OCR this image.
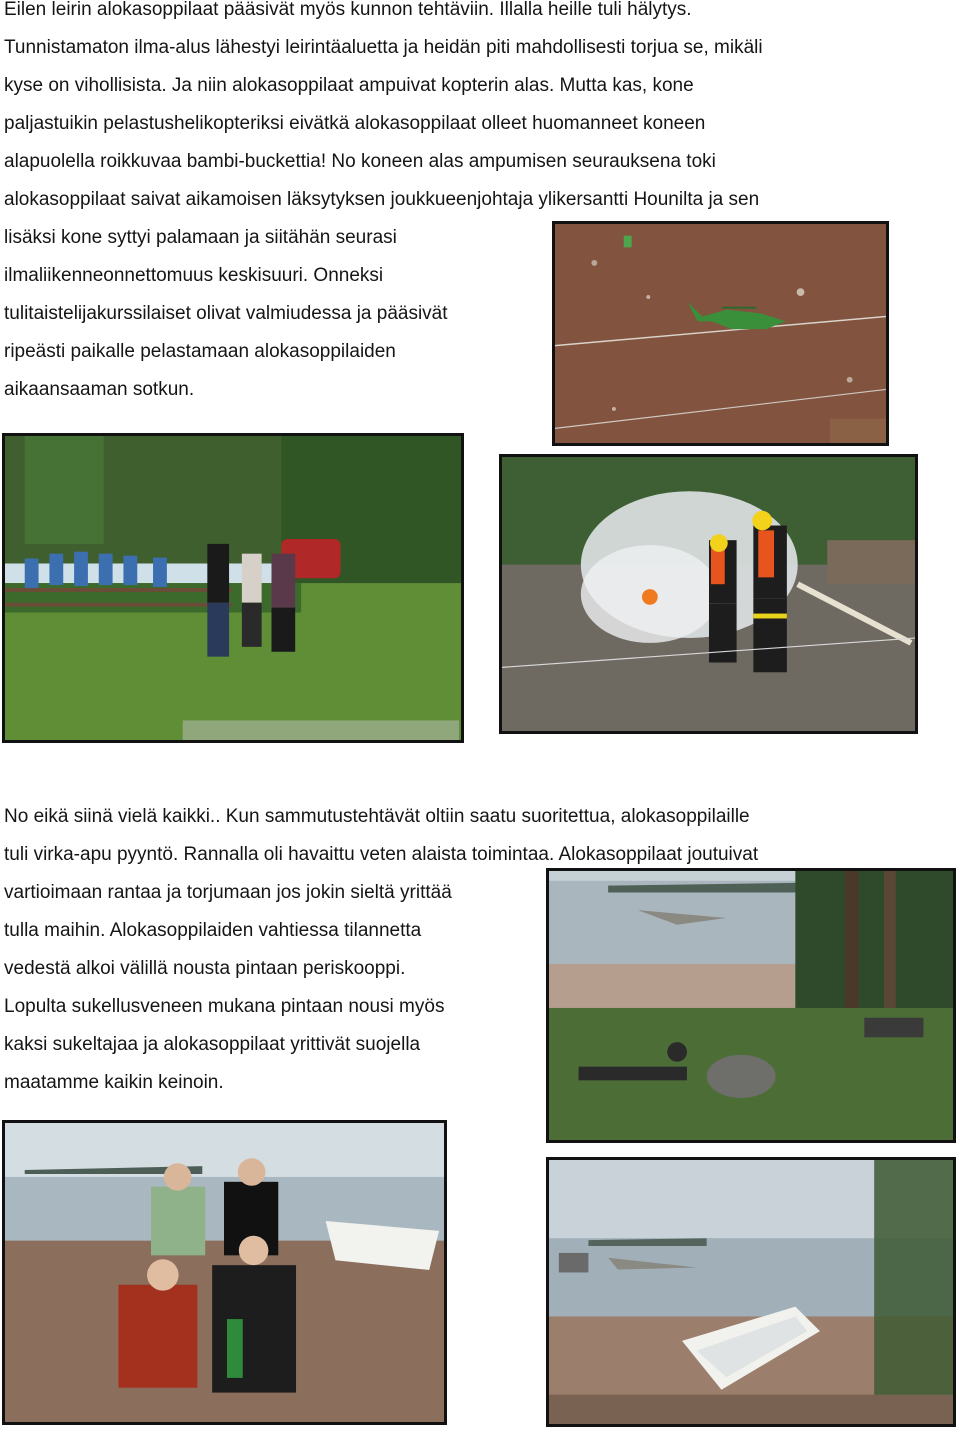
Eilen leirin alokasoppilaat pääsivät myös kunnon tehtäviin. Illalla heille tuli hälytys.
Tunnistamaton ilma-alus lähestyi leirintäaluetta ja heidän piti mahdollisesti torjua se, mikäli
kyse on vihollisista. Ja niin alokasoppilaat ampuivat kopterin alas. Mutta kas, kone
paljastuikin pelastushelikopteriksi eivätkä alokasoppilaat olleet huomanneet koneen
alapuolella roikkuvaa bambi-buckettia! No koneen alas ampumisen seurauksena toki
alokasoppilaat saivat aikamoisen läksytyksen joukkueenjohtaja ylikersantti Hounilta ja sen
lisäksi kone syttyi palamaan ja siitähän seurasi
ilmaliikenneonnettomuus keskisuuri. Onneksi
tulitaistelijakurssilaiset olivat valmiudessa ja pääsivät
ripeästi paikalle pelastamaan alokasoppilaiden
aikaansaaman sotkun.
No eikä siinä vielä kaikki.. Kun sammutustehtävät oltiin saatu suoritettua, alokasoppilaille
tuli virka-apu pyyntö. Rannalla oli havaittu veten alaista toimintaa. Alokasoppilaat joutuivat
vartioimaan rantaa ja torjumaan jos jokin sieltä yrittää
tulla maihin. Alokasoppilaiden vahtiessa tilannetta
vedestä alkoi välillä nousta pintaan periskooppi.
Lopulta sukellusveneen mukana pintaan nousi myös
kaksi sukeltajaa ja alokasoppilaat yrittivät suojella
maatamme kaikin keinoin.
